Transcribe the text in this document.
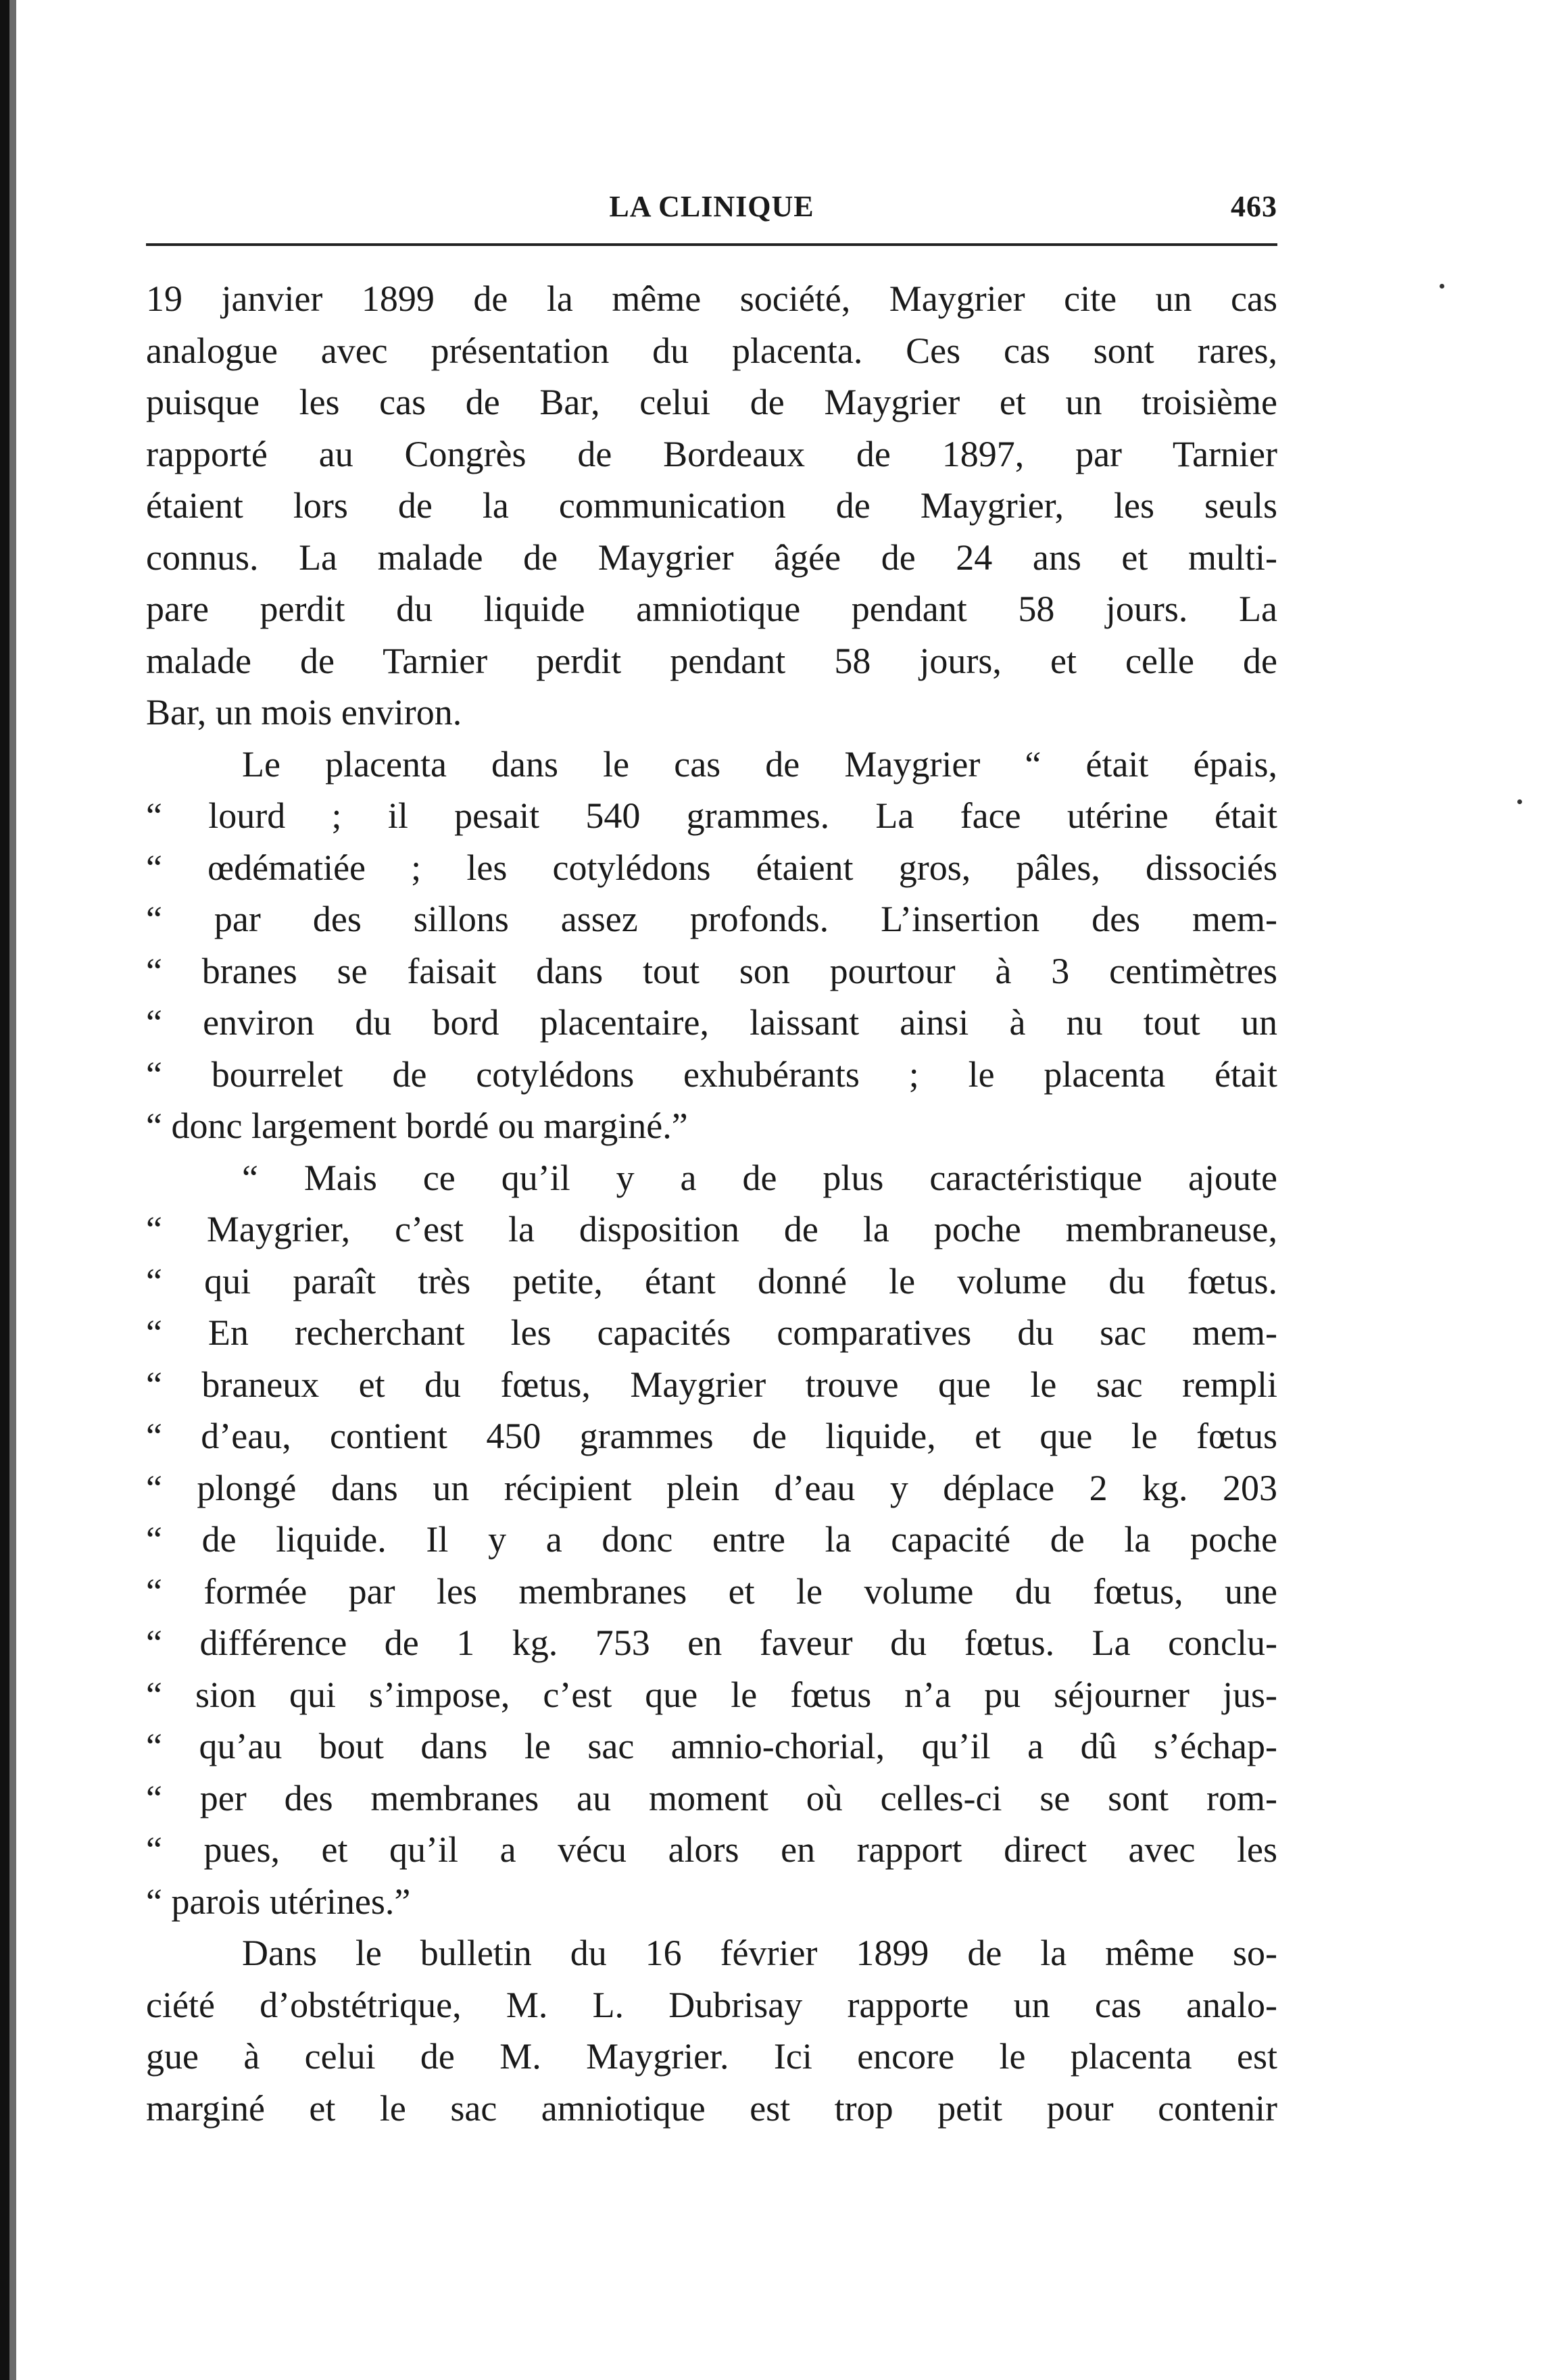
LA CLINIQUE	463

19 janvier 1899 de la même société, Maygrier cite un cas

analogue avec présentation du placenta. Ces cas sont rares,

puisque les cas de Bar, celui de Maygrier et un troisième

rapporté au Congrès de Bordeaux de 1897, par Tarnier

étaient lors de la communication de Maygrier, les seuls

connus. La malade de Maygrier âgée de 24 ans et multi-

pare perdit du liquide amniotique pendant 58 jours. La

malade de Tarnier perdit pendant 58 jours, et celle de

Bar, un mois environ.

Le placenta dans le cas de Maygrier “ était épais,

“ lourd ; il pesait 540 grammes. La face utérine était

“ œdématiée ; les cotylédons étaient gros, pâles, dissociés

“ par des sillons assez profonds. L’insertion des mem-

“ branes se faisait dans tout son pourtour à 3 centimètres

“ environ du bord placentaire, laissant ainsi à nu tout un

“ bourrelet de cotylédons exhubérants ; le placenta était

“ donc largement bordé ou marginé.”

“ Mais ce qu’il y a de plus caractéristique ajoute

“ Maygrier, c’est la disposition de la poche membraneuse,

“ qui paraît très petite, étant donné le volume du fœtus.

“ En recherchant les capacités comparatives du sac mem-

“ braneux et du fœtus, Maygrier trouve que le sac rempli

“ d’eau, contient 450 grammes de liquide, et que le fœtus

“ plongé dans un récipient plein d’eau y déplace 2 kg. 203

“ de liquide. Il y a donc entre la capacité de la poche

“ formée par les membranes et le volume du fœtus, une

“ différence de 1 kg. 753 en faveur du fœtus. La conclu-

“ sion qui s’impose, c’est que le fœtus n’a pu séjourner jus-

“ qu’au bout dans le sac amnio-chorial, qu’il a dû s’échap-

“ per des membranes au moment où celles-ci se sont rom-

“ pues, et qu’il a vécu alors en rapport direct avec les

“ parois utérines.”

Dans le bulletin du 16 février 1899 de la même so-

ciété d’obstétrique, M. L. Dubrisay rapporte un cas analo-

gue à celui de M. Maygrier. Ici encore le placenta est

marginé et le sac amniotique est trop petit pour contenir
